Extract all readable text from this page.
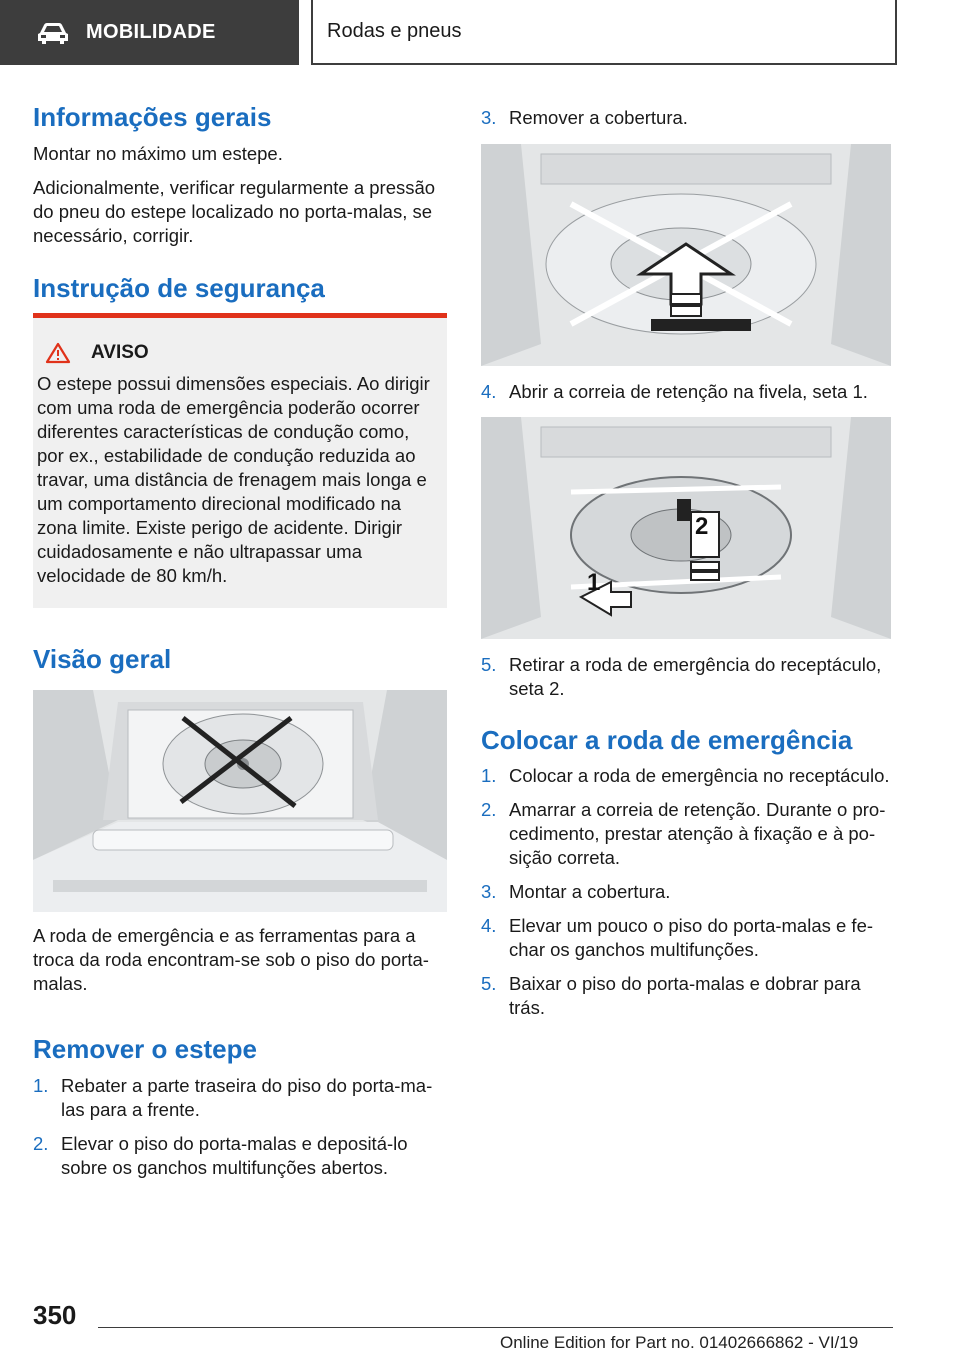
MOBILIDADE	Rodas e pneus
Informações gerais

Montar no máximo um estepe.

Adicionalmente, verificar regularmente a pressão do pneu do estepe localizado no porta-malas, se necessário, corrigir.

Instrução de segurança
AVISO

O estepe possui dimensões especiais. Ao dirigir com uma roda de emergência poderão ocorrer diferentes características de condução como, por ex., estabilidade de condução reduzida ao travar, uma distância de frenagem mais longa e um comportamento direcional modificado na zona limite. Existe perigo de acidente. Dirigir cuidadosamente e não ultrapassar uma velocidade de 80 km/h.

Visão geral

A roda de emergência e as ferramentas para a troca da roda encontram-se sob o piso do porta-malas.

Remover o estepe
1. Rebater a parte traseira do piso do porta-malas para a frente.
2. Elevar o piso do porta-malas e depositá-lo sobre os ganchos multifunções abertos.
3. Remover a cobertura.
4. Abrir a correia de retenção na fivela, seta 1.
1
2
5. Retirar a roda de emergência do receptáculo, seta 2.
Colocar a roda de emergência
1. Colocar a roda de emergência no receptáculo.
2. Amarrar a correia de retenção. Durante o procedimento, prestar atenção à fixação e à posição correta.
3. Montar a cobertura.
4. Elevar um pouco o piso do porta-malas e fechar os ganchos multifunções.
5. Baixar o piso do porta-malas e dobrar para trás.
350
Online Edition for Part no. 01402666862 - VI/19
